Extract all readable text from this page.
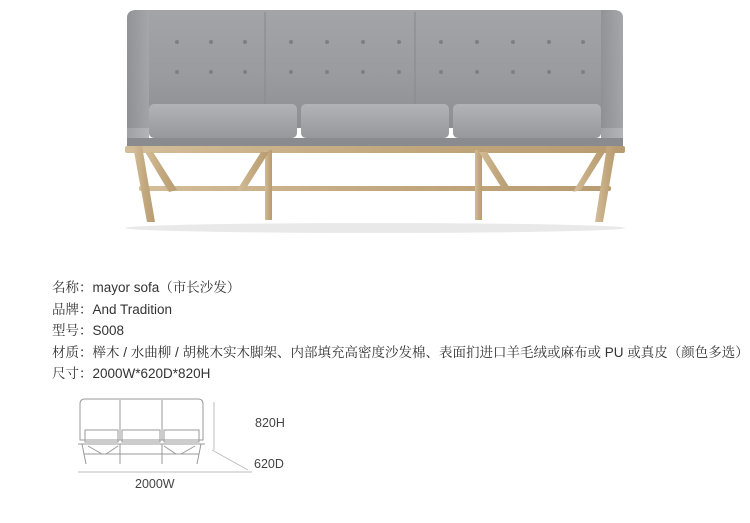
名称：mayor sofa（市长沙发）
品牌：And Tradition
型号：S008
材质：榉木 / 水曲柳 / 胡桃木实木脚架、内部填充高密度沙发棉、表面扪进口羊毛绒或麻布或 PU 或真皮（颜色多选）
尺寸：2000W*620D*820H
820H
620D
2000W
